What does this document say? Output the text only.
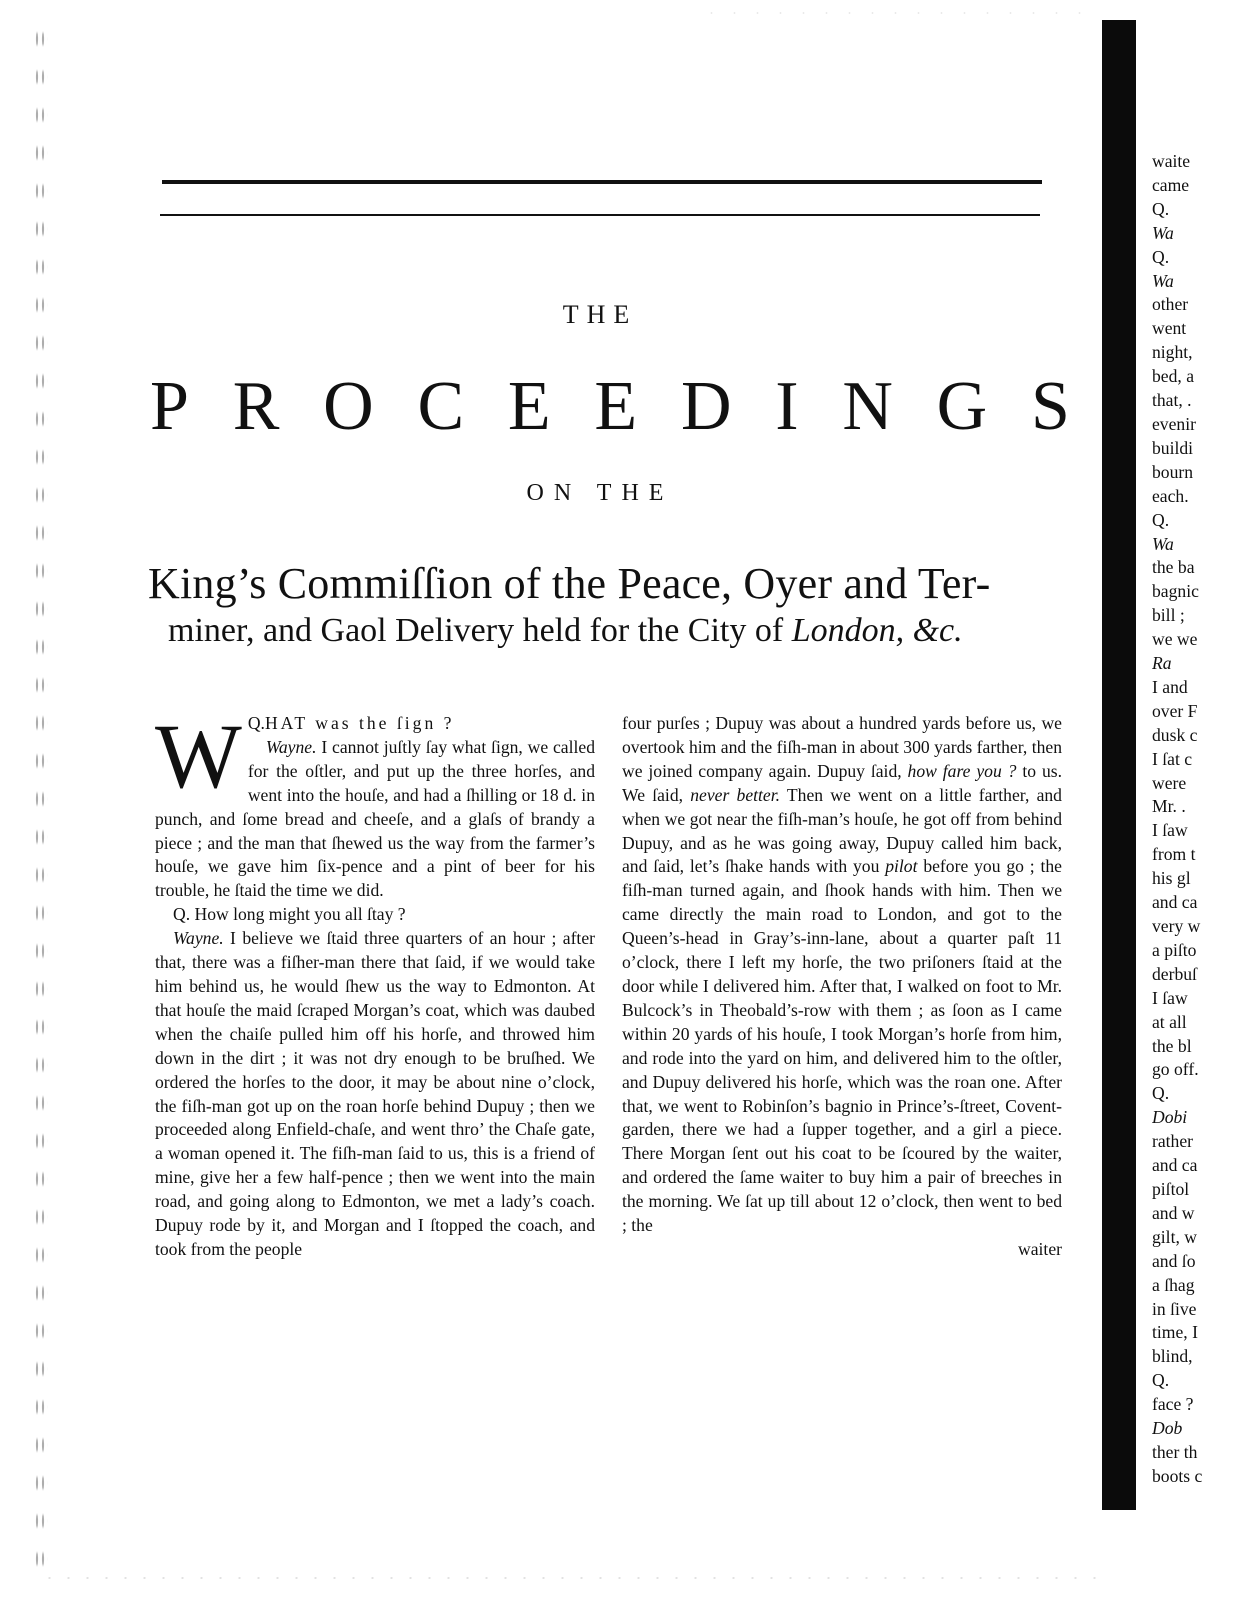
THE
P R O C E E D I N G S
ON THE
King’s Commiſſion of the Peace, Oyer and Ter-
miner, and Gaol Delivery held for the City of London, &c.

Q.
W HAT was the ſign ?

Wayne. I cannot juſtly ſay what ſign, we called for the oſtler, and put up the three horſes, and went into the houſe, and had a ſhilling or 18 d. in punch, and ſome bread and cheeſe, and a glaſs of brandy a piece ; and the man that ſhewed us the way from the farmer’s houſe, we gave him ſix-pence and a pint of beer for his trouble, he ſtaid the time we did.

Q. How long might you all ſtay ?

Wayne. I believe we ſtaid three quarters of an hour ; after that, there was a fiſher-man there that ſaid, if we would take him behind us, he would ſhew us the way to Edmonton. At that houſe the maid ſcraped Morgan’s coat, which was daubed when the chaiſe pulled him off his horſe, and throwed him down in the dirt ; it was not dry enough to be bruſhed. We ordered the horſes to the door, it may be about nine o’clock, the fiſh-man got up on the roan horſe behind Dupuy ; then we proceeded along Enfield-chaſe, and went thro’ the Chaſe gate, a woman opened it. The fiſh-man ſaid to us, this is a friend of mine, give her a few half-pence ; then we went into the main road, and going along to Edmonton, we met a lady’s coach. Dupuy rode by it, and Morgan and I ſtopped the coach, and took from the people

four purſes ; Dupuy was about a hundred yards before us, we overtook him and the fiſh-man in about 300 yards farther, then we joined company again. Dupuy ſaid, how fare you ? to us. We ſaid, never better. Then we went on a little farther, and when we got near the fiſh-man’s houſe, he got off from behind Dupuy, and as he was going away, Dupuy called him back, and ſaid, let’s ſhake hands with you pilot before you go ; the fiſh-man turned again, and ſhook hands with him. Then we came directly the main road to London, and got to the Queen’s-head in Gray’s-inn-lane, about a quarter paſt 11 o’clock, there I left my horſe, the two priſoners ſtaid at the door while I delivered him. After that, I walked on foot to Mr. Bulcock’s in Theobald’s-row with them ; as ſoon as I came within 20 yards of his houſe, I took Morgan’s horſe from him, and rode into the yard on him, and delivered him to the oſtler, and Dupuy delivered his horſe, which was the roan one. After that, we went to Robinſon’s bagnio in Prince’s-ſtreet, Covent-garden, there we had a ſupper together, and a girl a piece. There Morgan ſent out his coat to be ſcoured by the waiter, and ordered the ſame waiter to buy him a pair of breeches in the morning. We ſat up till about 12 o’clock, then went to bed ; the

waiter

waite

came

Q.

Wa

Q.

Wa

other

went

night,

bed, a

that, .

evenir

buildi

bourn

each.

Q.

Wa

the ba

bagnic

bill ;

we we

Ra

I and

over F

dusk c

I ſat c

were

Mr. .

I ſaw

from t

his gl

and ca

very w

a piſto

derbuſ

I ſaw

at all

the bl

go off.

Q.

Dobi

rather

and ca

piſtol

and w

gilt, w

and ſo

a ſhag

in ſive

time, I

blind,

Q.

face ?

Dob

ther th

boots c
